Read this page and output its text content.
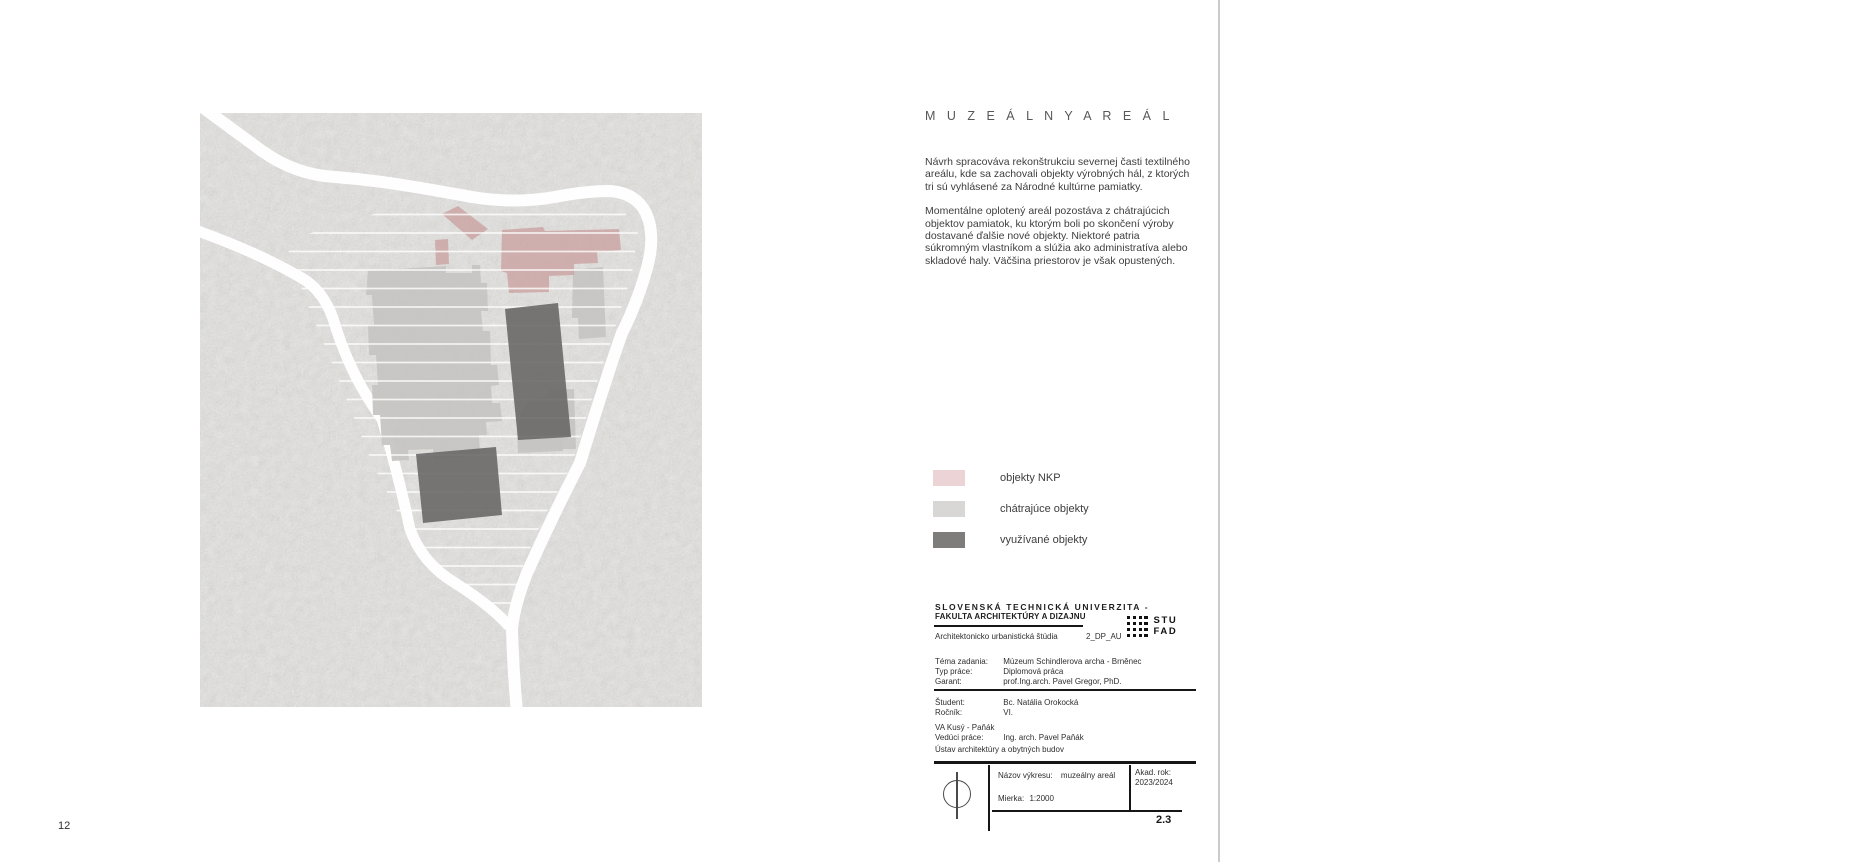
12
M U Z E Á L N Y A R E Á L

Návrh spracováva rekonštrukciu severnej časti textilného areálu, kde sa zachovali objekty výrobných hál, z ktorých tri sú vyhlásené za Národné kultúrne pamiatky.

Momentálne oplotený areál pozostáva z chátrajúcich objektov pamiatok, ku ktorým boli po skončení výroby dostavané ďalšie nové objekty. Niektoré patria súkromným vlastníkom a slúžia ako administratíva alebo skladové haly. Väčšina priestorov je však opustených.

objekty NKP
chátrajúce objekty
využívané objekty
SLOVENSKÁ TECHNICKÁ UNIVERZITA -
FAKULTA ARCHITEKTÚRY A DIZAJNU
Architektonicko urbanistická štúdia	2_DP_AU
STU
FAD
Téma zadania: Múzeum Schindlerova archa - Brněnec
Typ práce:	Diplomová práca
Garant:	prof.Ing.arch. Pavel Gregor, PhD.
Študent:	Bc. Natália Orokocká
Ročník:	VI.
VA Kusý - Paňák
Vedúci práce: Ing. arch. Pavel Paňák
Ústav architektúry a obytných budov
Názov výkresu: muzeálny areál Akad. rok:
2023/2024
Mierka: 1:2000
2.3
